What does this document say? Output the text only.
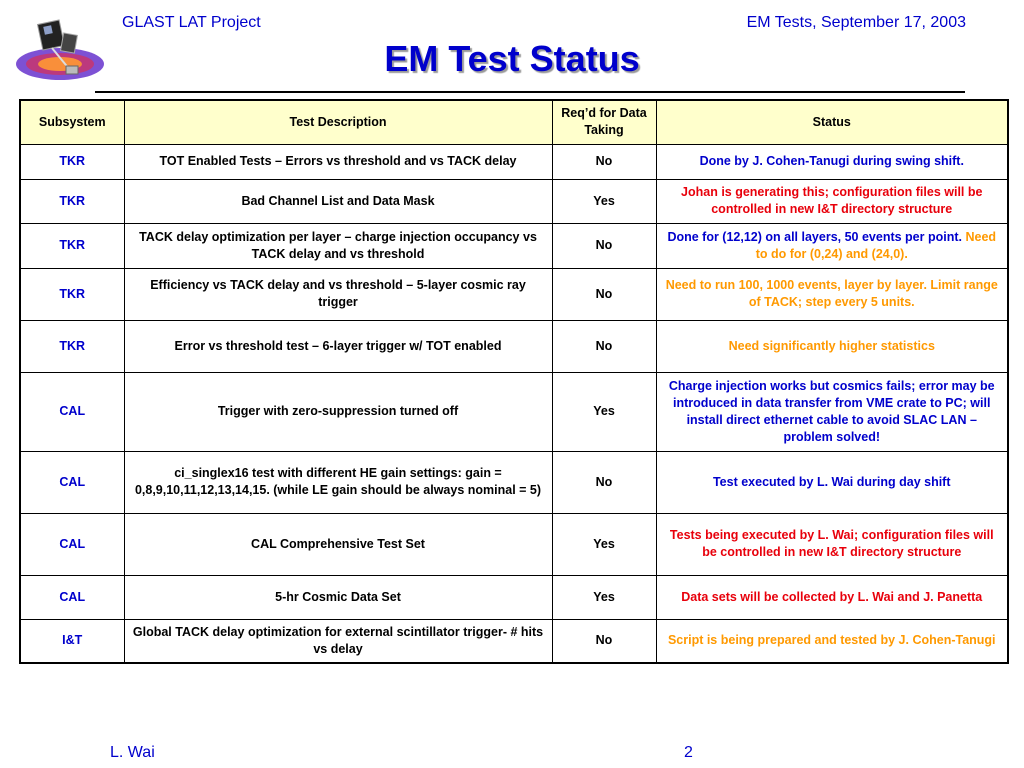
GLAST LAT Project	EM Tests, September 17, 2003
EM Test Status
Subsystem	Test Description	Req’d for Data Taking	Status
TKR	TOT Enabled Tests – Errors vs threshold and vs TACK delay	No	Done by J. Cohen-Tanugi during swing shift.
TKR	Bad Channel List and Data Mask	Yes	Johan is generating this; configuration files will be controlled in new I&T directory structure
TKR	TACK delay optimization per layer – charge injection occupancy vs TACK delay and vs threshold	No	Done for (12,12) on all layers, 50 events per point. Need to do for (0,24) and (24,0).
TKR	Efficiency vs TACK delay and vs threshold – 5-layer cosmic ray trigger	No	Need to run 100, 1000 events, layer by layer. Limit range of TACK; step every 5 units.
TKR	Error vs threshold test – 6-layer trigger w/ TOT enabled	No	Need significantly higher statistics
CAL	Trigger with zero-suppression turned off	Yes	Charge injection works but cosmics fails; error may be introduced in data transfer from VME crate to PC; will install direct ethernet cable to avoid SLAC LAN – problem solved!
CAL	ci_singlex16 test with different HE gain settings: gain = 0,8,9,10,11,12,13,14,15. (while LE gain should be always nominal = 5)	No	Test executed by L. Wai during day shift
CAL	CAL Comprehensive Test Set	Yes	Tests being executed by L. Wai; configuration files will be controlled in new I&T directory structure
CAL	5-hr Cosmic Data Set	Yes	Data sets will be collected by L. Wai and J. Panetta
I&T	Global TACK delay optimization for external scintillator trigger- # hits vs delay	No	Script is being prepared and tested by J. Cohen-Tanugi
L. Wai	2
